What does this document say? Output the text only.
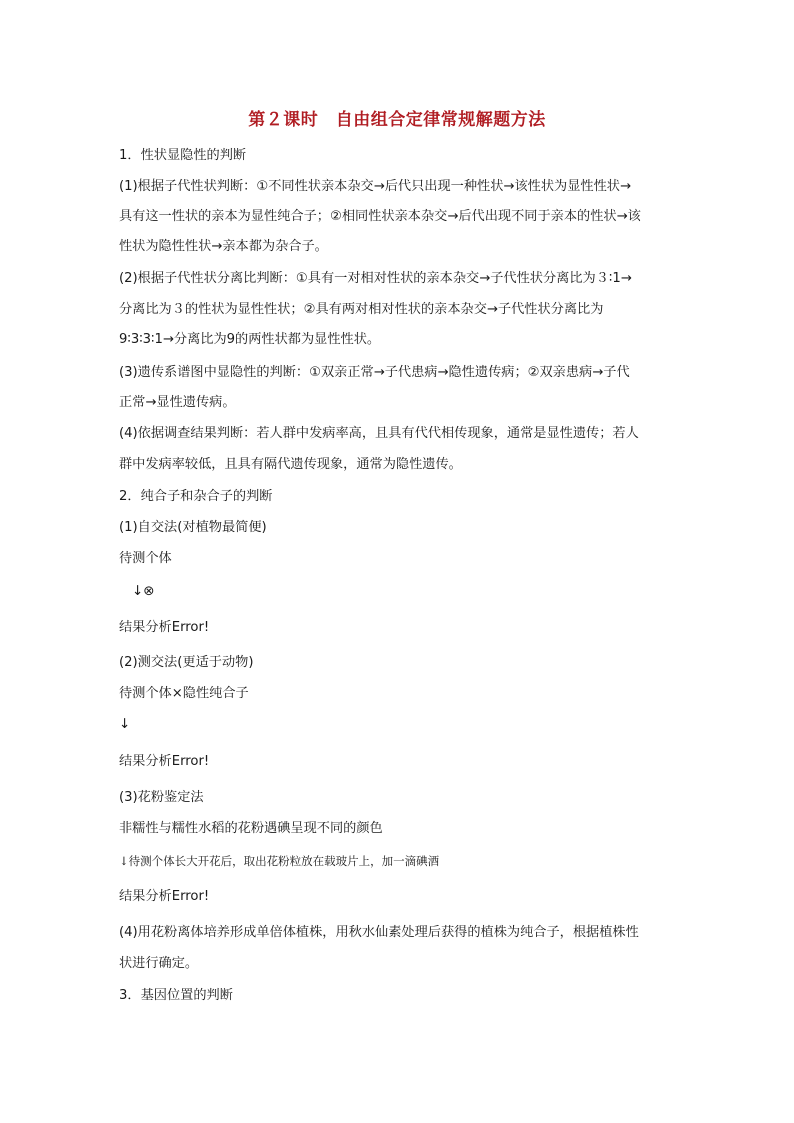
第２课时　自由组合定律常规解题方法
1．性状显隐性的判断
(1)根据子代性状判断：①不同性状亲本杂交→后代只出现一种性状→该性状为显性性状→
具有这一性状的亲本为显性纯合子；②相同性状亲本杂交→后代出现不同于亲本的性状→该
性状为隐性性状→亲本都为杂合子。
(2)根据子代性状分离比判断：①具有一对相对性状的亲本杂交→子代性状分离比为３∶1→
分离比为３的性状为显性性状；②具有两对相对性状的亲本杂交→子代性状分离比为
9∶3∶3∶1→分离比为9的两性状都为显性性状。
(3)遗传系谱图中显隐性的判断：①双亲正常→子代患病→隐性遗传病；②双亲患病→子代
正常→显性遗传病。
(4)依据调查结果判断：若人群中发病率高，且具有代代相传现象，通常是显性遗传；若人
群中发病率较低，且具有隔代遗传现象，通常为隐性遗传。
2．纯合子和杂合子的判断
(1)自交法(对植物最简便)
待测个体
↓⊗
结果分析Error!
(2)测交法(更适于动物)
待测个体×隐性纯合子
↓
结果分析Error!
(3)花粉鉴定法
非糯性与糯性水稻的花粉遇碘呈现不同的颜色
↓待测个体长大开花后，取出花粉粒放在载玻片上，加一滴碘酒
结果分析Error!
(4)用花粉离体培养形成单倍体植株，用秋水仙素处理后获得的植株为纯合子，根据植株性
状进行确定。
3．基因位置的判断
